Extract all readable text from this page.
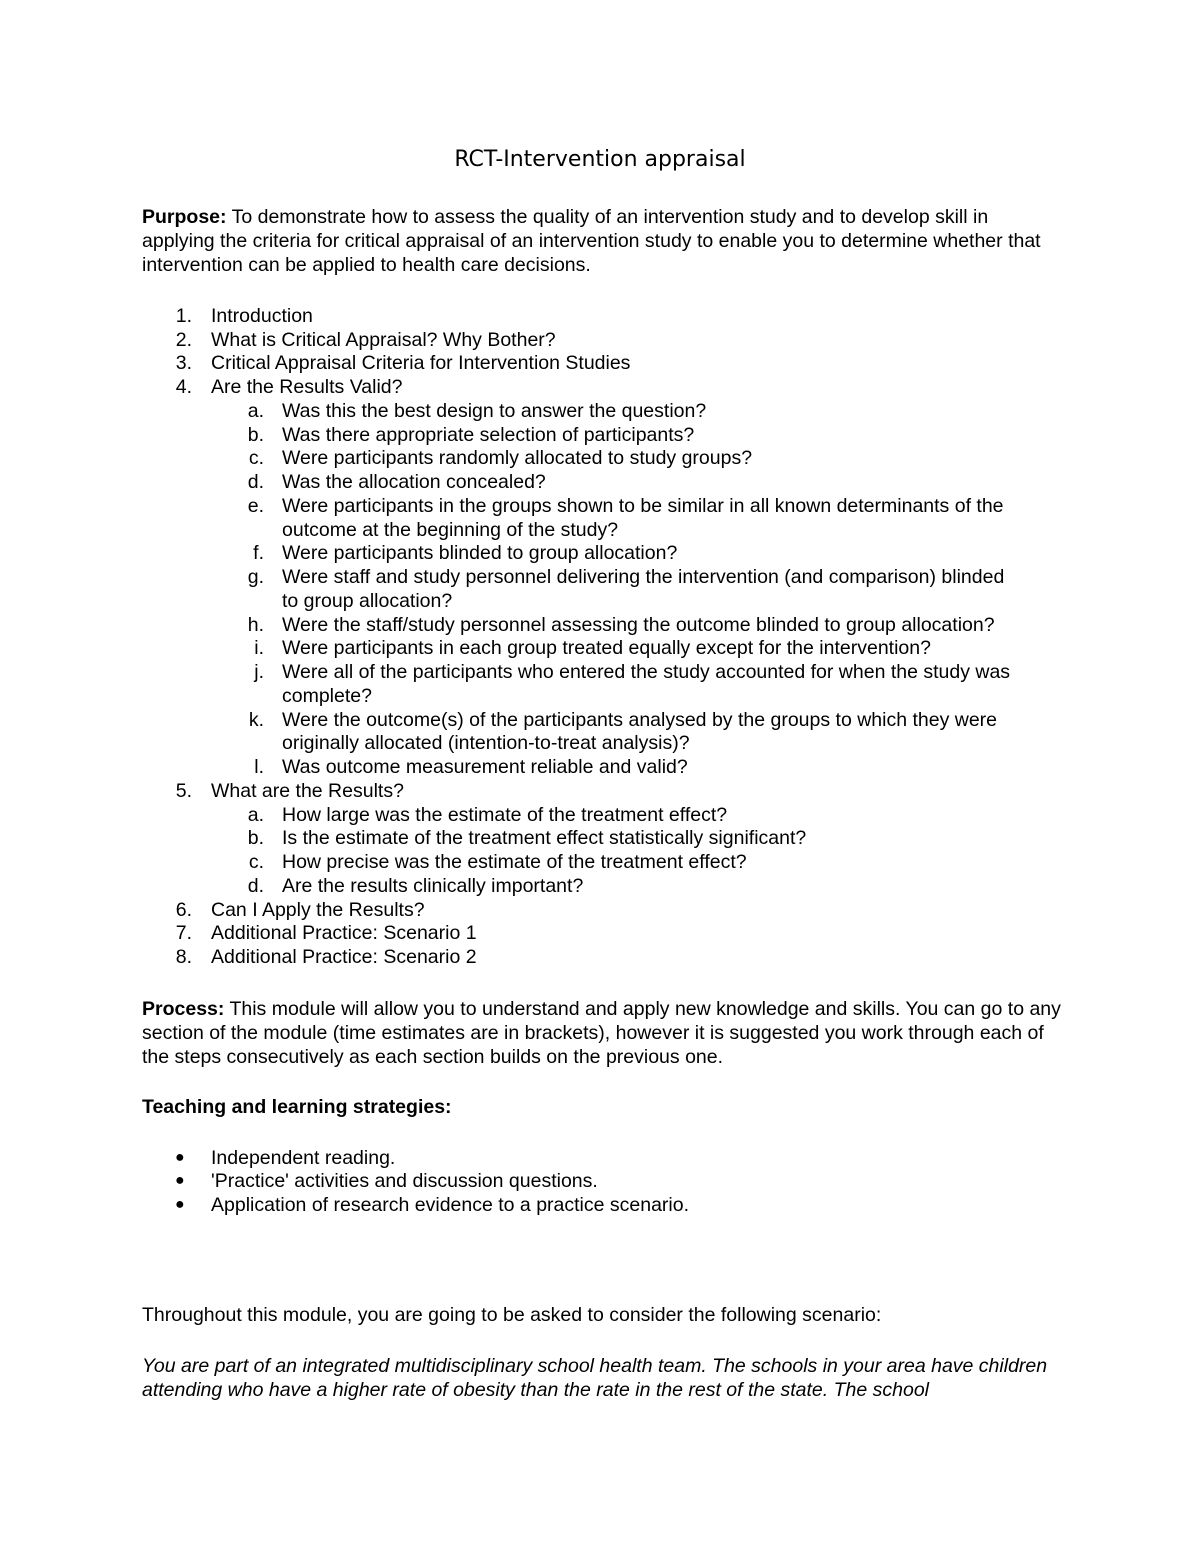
RCT-Intervention appraisal

Purpose: To demonstrate how to assess the quality of an intervention study and to develop skill in applying the criteria for critical appraisal of an intervention study to enable you to determine whether that intervention can be applied to health care decisions.

1. Introduction
2. What is Critical Appraisal? Why Bother?
3. Critical Appraisal Criteria for Intervention Studies
4. Are the Results Valid?
a. Was this the best design to answer the question?
b. Was there appropriate selection of participants?
c. Were participants randomly allocated to study groups?
d. Was the allocation concealed?
e. Were participants in the groups shown to be similar in all known determinants of the
outcome at the beginning of the study?
f. Were participants blinded to group allocation?
g. Were staff and study personnel delivering the intervention (and comparison) blinded
to group allocation?
h. Were the staff/study personnel assessing the outcome blinded to group allocation?
i. Were participants in each group treated equally except for the intervention?
j. Were all of the participants who entered the study accounted for when the study was
complete?
k. Were the outcome(s) of the participants analysed by the groups to which they were
originally allocated (intention-to-treat analysis)?
l. Was outcome measurement reliable and valid?
5. What are the Results?
a. How large was the estimate of the treatment effect?
b. Is the estimate of the treatment effect statistically significant?
c. How precise was the estimate of the treatment effect?
d. Are the results clinically important?
6. Can I Apply the Results?
7. Additional Practice: Scenario 1
8. Additional Practice: Scenario 2

Process: This module will allow you to understand and apply new knowledge and skills. You can go to any section of the module (time estimates are in brackets), however it is suggested you work through each of the steps consecutively as each section builds on the previous one.

Teaching and learning strategies:
● Independent reading.
● 'Practice' activities and discussion questions.
● Application of research evidence to a practice scenario.
Throughout this module, you are going to be asked to consider the following scenario:

You are part of an integrated multidisciplinary school health team. The schools in your area have children attending who have a higher rate of obesity than the rate in the rest of the state. The school
